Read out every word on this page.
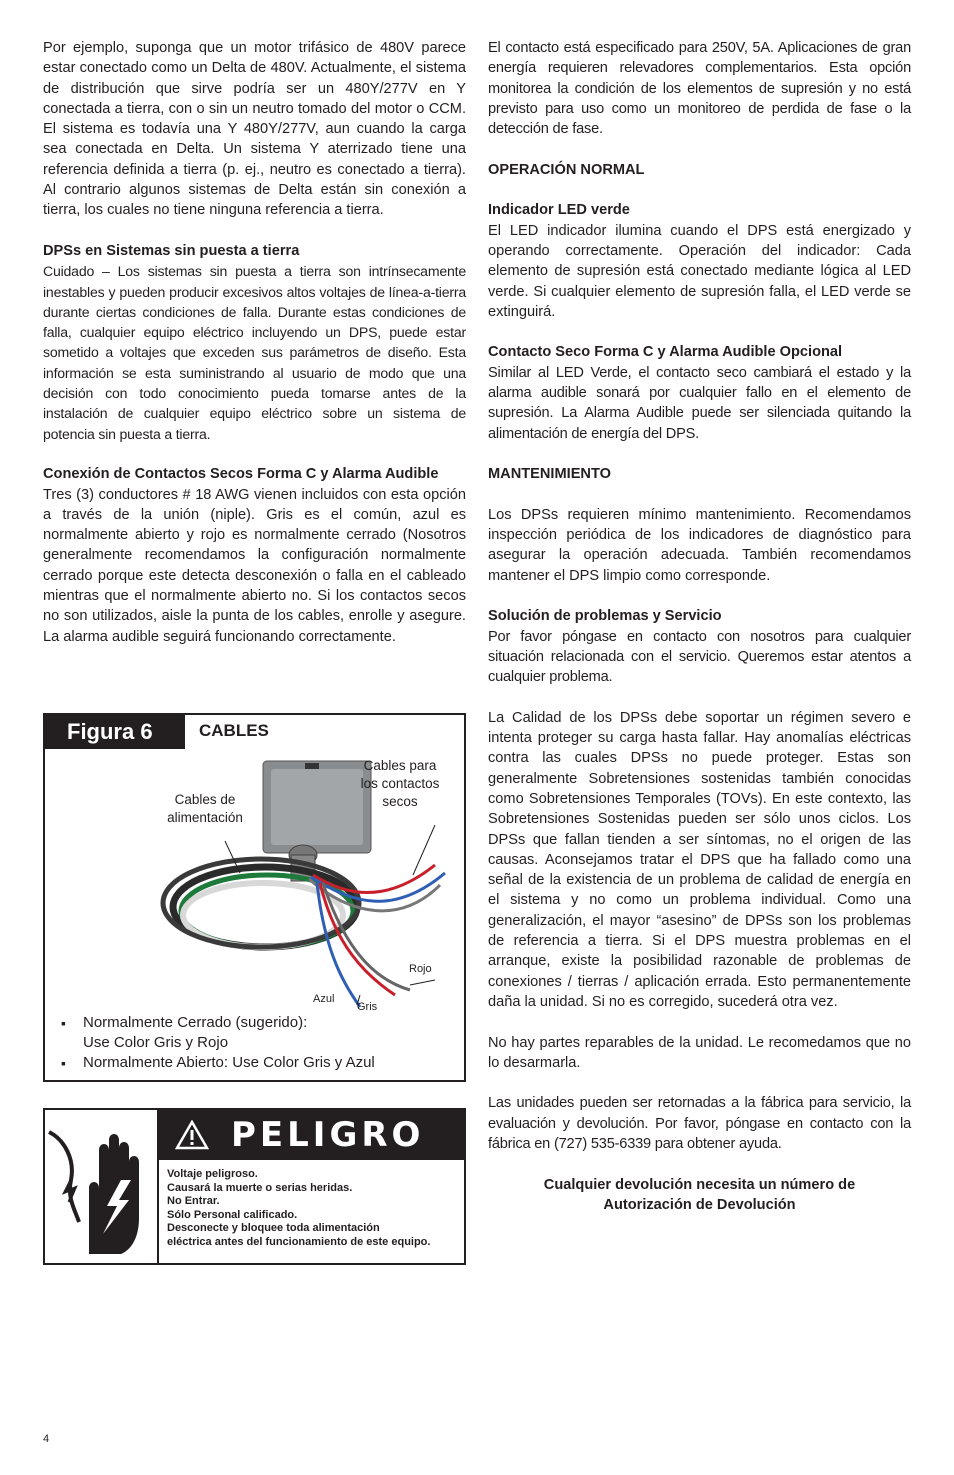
Por ejemplo, suponga que un motor trifásico de 480V parece estar conectado como un Delta de 480V. Actualmente, el sistema de distribución que sirve podría ser un 480Y/277V en Y conectada a tierra, con o sin un neutro tomado del motor o CCM. El sistema es todavía una Y 480Y/277V, aun cuando la carga sea conectada en Delta. Un sistema Y aterrizado tiene una referencia definida a tierra (p. ej., neutro es conectado a tierra). Al contrario algunos sistemas de Delta están sin conexión a tierra, los cuales no tiene ninguna referencia a tierra.

DPSs en Sistemas sin puesta a tierra

Cuidado – Los sistemas sin puesta a tierra son intrínsecamente inestables y pueden producir excesivos altos voltajes de línea-a-tierra durante ciertas condiciones de falla. Durante estas condiciones de falla, cualquier equipo eléctrico incluyendo un DPS, puede estar sometido a voltajes que exceden sus parámetros de diseño. Esta información se esta suministrando al usuario de modo que una decisión con todo conocimiento pueda tomarse antes de la instalación de cualquier equipo eléctrico sobre un sistema de potencia sin puesta a tierra.

Conexión de Contactos Secos Forma C y Alarma Audible

Tres (3) conductores # 18 AWG vienen incluidos con esta opción a través de la unión (niple). Gris es el común, azul es normalmente abierto y rojo es normalmente cerrado (Nosotros generalmente recomendamos la configuración normalmente cerrado porque este detecta desconexión o falla en el cableado mientras que el normalmente abierto no. Si los contactos secos no son utilizados, aisle la punta de los cables, enrolle y asegure. La alarma audible seguirá funcionando correctamente.

Figura 6	CABLES
Cables de
alimentación
Cables para
los contactos
secos
Rojo
Azul
Gris
▪ Normalmente Cerrado (sugerido):
Use Color Gris y Rojo
▪ Normalmente Abierto: Use Color Gris y Azul
PELIGRO
Voltaje peligroso.
Causará la muerte o serias heridas.
No Entrar.
Sólo Personal calificado.
Desconecte y bloquee toda alimentación
eléctrica antes del funcionamiento de este equipo.

El contacto está especificado para 250V, 5A. Aplicaciones de gran energía requieren relevadores complementarios. Esta opción monitorea la condición de los elementos de supresión y no está previsto para uso como un monitoreo de perdida de fase o la detección de fase.

OPERACIÓN NORMAL

Indicador LED verde

El LED indicador ilumina cuando el DPS está energizado y operando correctamente. Operación del indicador: Cada elemento de supresión está conectado mediante lógica al LED verde. Si cualquier elemento de supresión falla, el LED verde se extinguirá.

Contacto Seco Forma C y Alarma Audible Opcional

Similar al LED Verde, el contacto seco cambiará el estado y la alarma audible sonará por cualquier fallo en el elemento de supresión. La Alarma Audible puede ser silenciada quitando la alimentación de energía del DPS.

MANTENIMIENTO

Los DPSs requieren mínimo mantenimiento. Recomendamos inspección periódica de los indicadores de diagnóstico para asegurar la operación adecuada. También recomendamos mantener el DPS limpio como corresponde.

Solución de problemas y Servicio

Por favor póngase en contacto con nosotros para cualquier situación relacionada con el servicio. Queremos estar atentos a cualquier problema.

La Calidad de los DPSs debe soportar un régimen severo e intenta proteger su carga hasta fallar. Hay anomalías eléctricas contra las cuales DPSs no puede proteger. Estas son generalmente Sobretensiones sostenidas también conocidas como Sobretensiones Temporales (TOVs). En este contexto, las Sobretensiones Sostenidas pueden ser sólo unos ciclos. Los DPSs que fallan tienden a ser síntomas, no el origen de las causas. Aconsejamos tratar el DPS que ha fallado como una señal de la existencia de un problema de calidad de energía en el sistema y no como un problema individual. Como una generalización, el mayor “asesino” de DPSs son los problemas de referencia a tierra. Si el DPS muestra problemas en el arranque, existe la posibilidad razonable de problemas de conexiones / tierras / aplicación errada. Esto permanentemente daña la unidad. Si no es corregido, sucederá otra vez.

No hay partes reparables de la unidad. Le recomedamos que no lo desarmarla.

Las unidades pueden ser retornadas a la fábrica para servicio, la evaluación y devolución. Por favor, póngase en contacto con la fábrica en (727) 535-6339 para obtener ayuda.

Cualquier devolución necesita un número de

Autorización de Devolución

4
